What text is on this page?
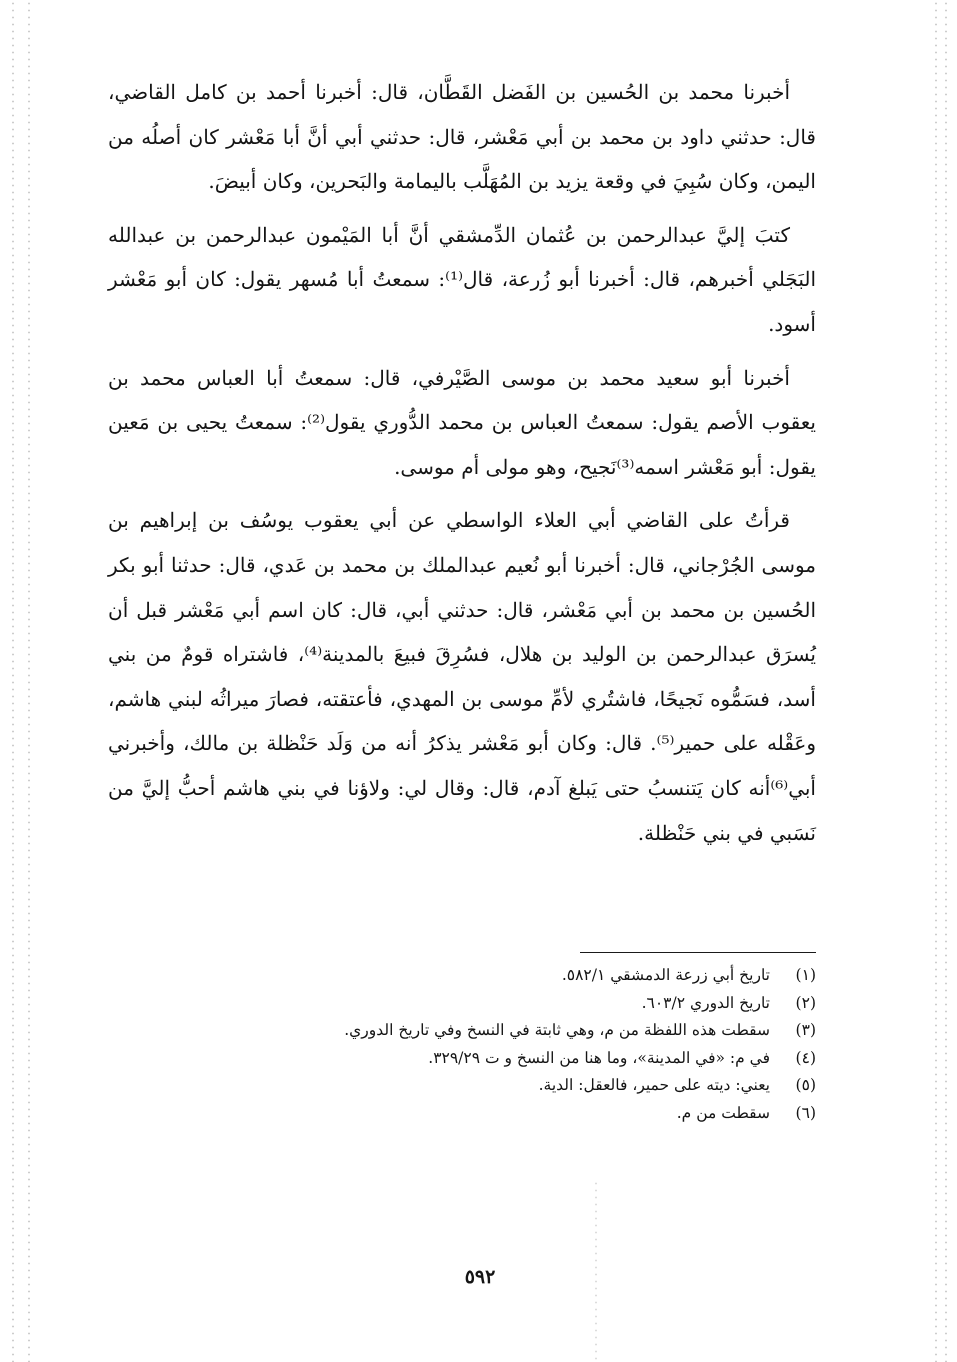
أخبرنا محمد بن الحُسين بن الفَضل القَطَّان، قال: أخبرنا أحمد بن كامل القاضي، قال: حدثني داود بن محمد بن أبي مَعْشر، قال: حدثني أبي أنَّ أبا مَعْشر كان أصلُه من اليمن، وكان سُبِيَ في وقعة يزيد بن المُهَلَّب باليمامة والبَحرين، وكان أبيضَ.

كتبَ إليَّ عبدالرحمن بن عُثمان الدِّمشقي أنَّ أبا المَيْمون عبدالرحمن بن عبدالله البَجَلي أخبرهم، قال: أخبرنا أبو زُرعة، قال⁽¹⁾: سمعتُ أبا مُسهر يقول: كان أبو مَعْشر أسود.

أخبرنا أبو سعيد محمد بن موسى الصَّيْرفي، قال: سمعتُ أبا العباس محمد بن يعقوب الأصم يقول: سمعتُ العباس بن محمد الدُّوري يقول⁽²⁾: سمعتُ يحيى بن مَعين يقول: أبو مَعْشر اسمه⁽³⁾نَجيح، وهو مولى أم موسى.

قرأتُ على القاضي أبي العلاء الواسطي عن أبي يعقوب يوسُف بن إبراهيم بن موسى الجُرْجاني، قال: أخبرنا أبو نُعيم عبدالملك بن محمد بن عَدي، قال: حدثنا أبو بكر الحُسين بن محمد بن أبي مَعْشر، قال: حدثني أبي، قال: كان اسم أبي مَعْشر قبل أن يُسرَق عبدالرحمن بن الوليد بن هلال، فسُرِقَ فبيعَ بالمدينة⁽⁴⁾، فاشتراه قومٌ من بني أسد، فسَمُّوه نَجيحًا، فاشتُري لأمِّ موسى بن المهدي، فأعتقته، فصارَ ميراثُه لبني هاشم، وعَقْله على حمير⁽⁵⁾. قال: وكان أبو مَعْشر يذكرُ أنه من وَلَد حَنْظلة بن مالك، وأخبرني أبي⁽⁶⁾أنه كان يَتنسبُ حتى يَبلغ آدم، قال: وقال لي: ولاؤنا في بني هاشم أحبُّ إليَّ من نَسَبي في بني حَنْظلة.

(١)
تاريخ أبي زرعة الدمشقي ٥٨٢/١.
(٢)
تاريخ الدوري ٦٠٣/٢.
(٣)
سقطت هذه اللفظة من م، وهي ثابتة في النسخ وفي تاريخ الدوري.
(٤)
في م: «في المدينة»، وما هنا من النسخ و ت ٣٢٩/٢٩.
(٥)
يعني: ديته على حمير، فالعقل: الدية.
(٦)
سقطت من م.
٥٩٢
